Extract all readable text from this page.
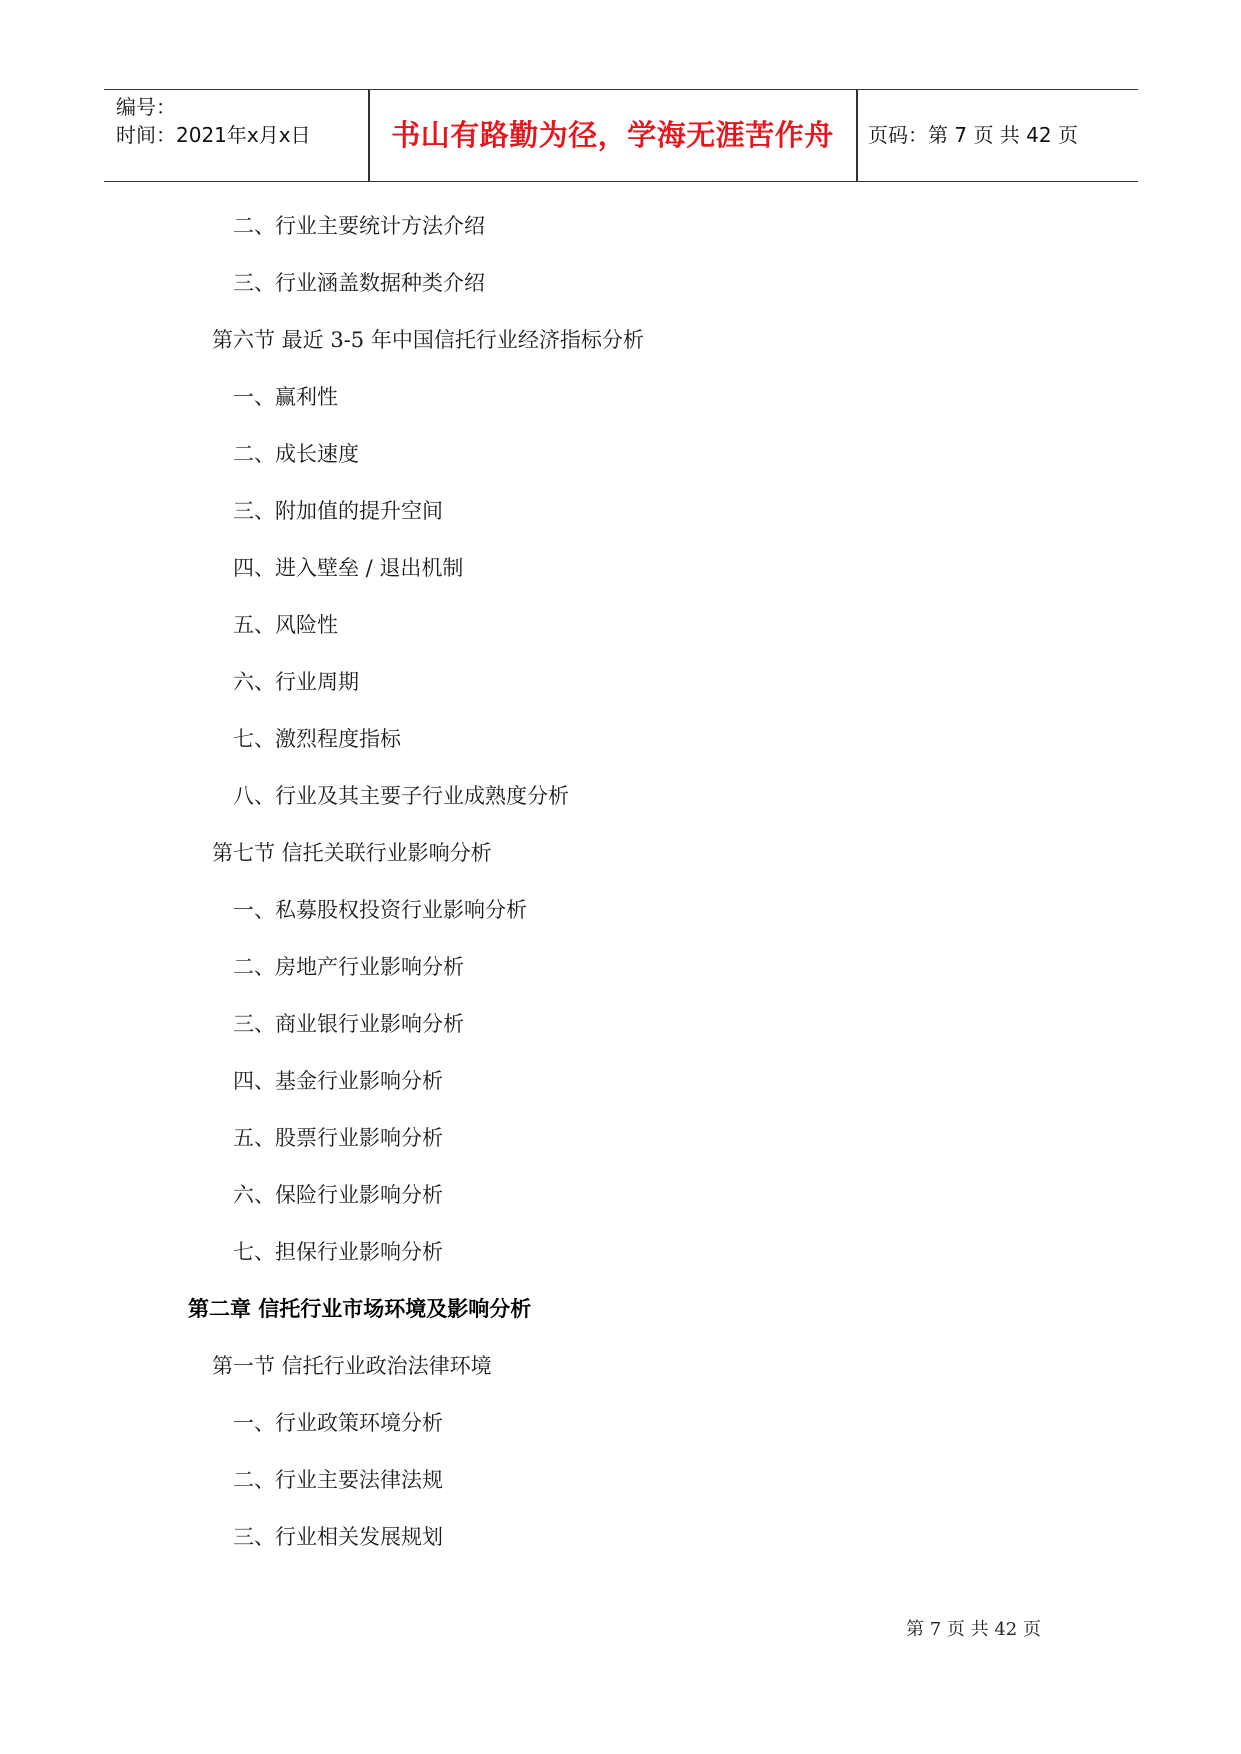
编号：
时间：2021年x月x日	书山有路勤为径，学海无涯苦作舟	页码：第 7 页 共 42 页
二、行业主要统计方法介绍
三、行业涵盖数据种类介绍
第六节 最近 3-5 年中国信托行业经济指标分析
一、赢利性
二、成长速度
三、附加值的提升空间
四、进入壁垒 / 退出机制
五、风险性
六、行业周期
七、激烈程度指标
八、行业及其主要子行业成熟度分析
第七节 信托关联行业影响分析
一、私募股权投资行业影响分析
二、房地产行业影响分析
三、商业银行业影响分析
四、基金行业影响分析
五、股票行业影响分析
六、保险行业影响分析
七、担保行业影响分析
第二章 信托行业市场环境及影响分析
第一节 信托行业政治法律环境
一、行业政策环境分析
二、行业主要法律法规
三、行业相关发展规划
第 7 页 共 42 页
